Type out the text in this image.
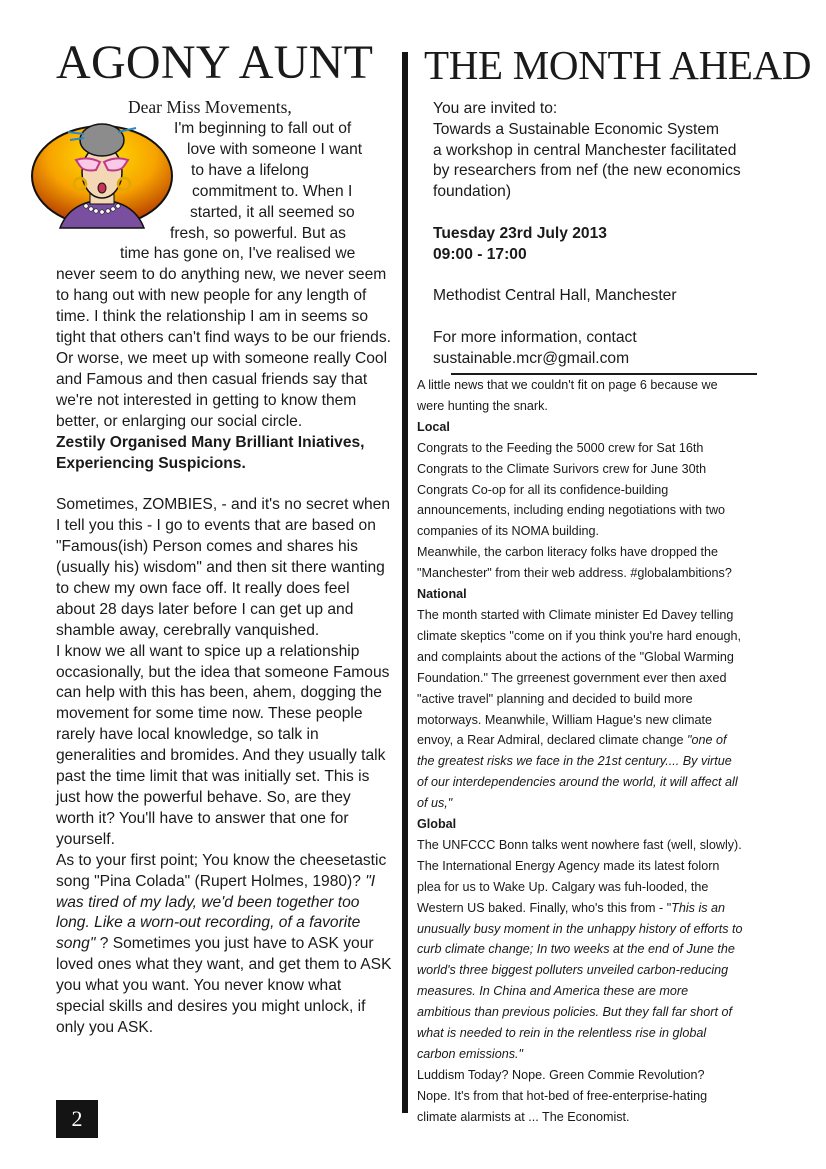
AGONY AUNT THE MONTH AHEAD
Dear Miss Movements,
I'm beginning to fall out of
love with someone I want
to have a lifelong
commitment to. When I
started, it all seemed so
fresh, so powerful. But as
time has gone on, I've realised we

never seem to do anything new, we never seem to hang out with new people for any length of time. I think the relationship I am in seems so tight that others can't find ways to be our friends. Or worse, we meet up with someone really Cool and Famous and then casual friends say that we're not interested in getting to know them better, or enlarging our social circle.

Zestily Organised Many Brilliant Iniatives, Experiencing Suspicions.

Sometimes, ZOMBIES, - and it's no secret when I tell you this - I go to events that are based on "Famous(ish) Person comes and shares his (usually his) wisdom" and then sit there wanting to chew my own face off. It really does feel about 28 days later before I can get up and shamble away, cerebrally vanquished.

I know we all want to spice up a relationship occasionally, but the idea that someone Famous can help with this has been, ahem, dogging the movement for some time now. These people rarely have local knowledge, so talk in generalities and bromides. And they usually talk past the time limit that was initially set. This is just how the powerful behave. So, are they worth it? You'll have to answer that one for yourself.

As to your first point; You know the cheesetastic song "Pina Colada" (Rupert Holmes, 1980)? "I was tired of my lady, we'd been together too long. Like a worn-out recording, of a favorite song" ? Sometimes you just have to ASK your loved ones what they want, and get them to ASK you what you want. You never know what special skills and desires you might unlock, if only you ASK.

2
You are invited to:
Towards a Sustainable Economic System
a workshop in central Manchester facilitated
by researchers from nef (the new economics
foundation)
Tuesday 23rd July 2013
09:00 - 17:00
Methodist Central Hall, Manchester
For more information, contact
sustainable.mcr@gmail.com
A little news that we couldn't fit on page 6 because we
were hunting the snark.
Local
Congrats to the Feeding the 5000 crew for Sat 16th
Congrats to the Climate Surivors crew for June 30th
Congrats Co-op for all its confidence-building
announcements, including ending negotiations with two
companies of its NOMA building.
Meanwhile, the carbon literacy folks have dropped the
"Manchester" from their web address. #globalambitions?
National
The month started with Climate minister Ed Davey telling
climate skeptics "come on if you think you're hard enough,
and complaints about the actions of the "Global Warming
Foundation." The grreenest government ever then axed
"active travel" planning and decided to build more
motorways. Meanwhile, William Hague's new climate
envoy, a Rear Admiral, declared climate change "one of
the greatest risks we face in the 21st century.... By virtue
of our interdependencies around the world, it will affect all
of us,"
Global
The UNFCCC Bonn talks went nowhere fast (well, slowly).
The International Energy Agency made its latest folorn
plea for us to Wake Up. Calgary was fuh-looded, the
Western US baked. Finally, who's this from - "This is an
unusually busy moment in the unhappy history of efforts to
curb climate change; In two weeks at the end of June the
world's three biggest polluters unveiled carbon-reducing
measures. In China and America these are more
ambitious than previous policies. But they fall far short of
what is needed to rein in the relentless rise in global
carbon emissions."
Luddism Today? Nope. Green Commie Revolution?
Nope. It's from that hot-bed of free-enterprise-hating
climate alarmists at ... The Economist.
